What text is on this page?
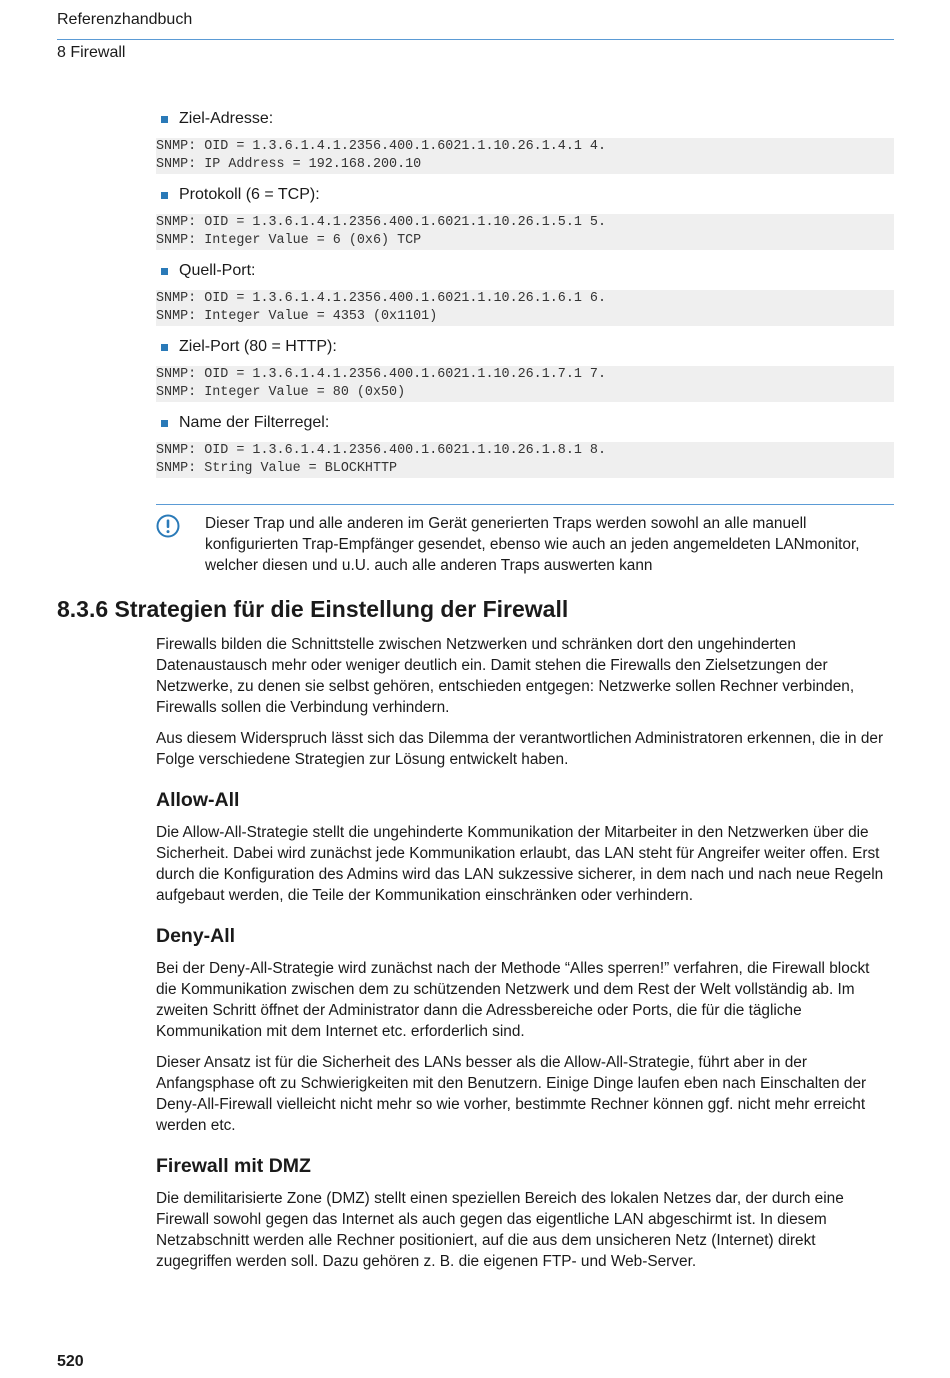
Referenzhandbuch
8 Firewall
Ziel-Adresse:
SNMP: OID = 1.3.6.1.4.1.2356.400.1.6021.1.10.26.1.4.1 4.
SNMP: IP Address = 192.168.200.10
Protokoll (6 = TCP):
SNMP: OID = 1.3.6.1.4.1.2356.400.1.6021.1.10.26.1.5.1 5.
SNMP: Integer Value = 6 (0x6) TCP
Quell-Port:
SNMP: OID = 1.3.6.1.4.1.2356.400.1.6021.1.10.26.1.6.1 6.
SNMP: Integer Value = 4353 (0x1101)
Ziel-Port (80 = HTTP):
SNMP: OID = 1.3.6.1.4.1.2356.400.1.6021.1.10.26.1.7.1 7.
SNMP: Integer Value = 80 (0x50)
Name der Filterregel:
SNMP: OID = 1.3.6.1.4.1.2356.400.1.6021.1.10.26.1.8.1 8.
SNMP: String Value = BLOCKHTTP
Dieser Trap und alle anderen im Gerät generierten Traps werden sowohl an alle manuell konfigurierten Trap-Empfänger gesendet, ebenso wie auch an jeden angemeldeten LANmonitor, welcher diesen und u.U. auch alle anderen Traps auswerten kann
8.3.6 Strategien für die Einstellung der Firewall

Firewalls bilden die Schnittstelle zwischen Netzwerken und schränken dort den ungehinderten Datenaustausch mehr oder weniger deutlich ein. Damit stehen die Firewalls den Zielsetzungen der Netzwerke, zu denen sie selbst gehören, entschieden entgegen: Netzwerke sollen Rechner verbinden, Firewalls sollen die Verbindung verhindern.

Aus diesem Widerspruch lässt sich das Dilemma der verantwortlichen Administratoren erkennen, die in der Folge verschiedene Strategien zur Lösung entwickelt haben.

Allow-All

Die Allow-All-Strategie stellt die ungehinderte Kommunikation der Mitarbeiter in den Netzwerken über die Sicherheit. Dabei wird zunächst jede Kommunikation erlaubt, das LAN steht für Angreifer weiter offen. Erst durch die Konfiguration des Admins wird das LAN sukzessive sicherer, in dem nach und nach neue Regeln aufgebaut werden, die Teile der Kommunikation einschränken oder verhindern.

Deny-All

Bei der Deny-All-Strategie wird zunächst nach der Methode “Alles sperren!” verfahren, die Firewall blockt die Kommunikation zwischen dem zu schützenden Netzwerk und dem Rest der Welt vollständig ab. Im zweiten Schritt öffnet der Administrator dann die Adressbereiche oder Ports, die für die tägliche Kommunikation mit dem Internet etc. erforderlich sind.

Dieser Ansatz ist für die Sicherheit des LANs besser als die Allow-All-Strategie, führt aber in der Anfangsphase oft zu Schwierigkeiten mit den Benutzern. Einige Dinge laufen eben nach Einschalten der Deny-All-Firewall vielleicht nicht mehr so wie vorher, bestimmte Rechner können ggf. nicht mehr erreicht werden etc.

Firewall mit DMZ

Die demilitarisierte Zone (DMZ) stellt einen speziellen Bereich des lokalen Netzes dar, der durch eine Firewall sowohl gegen das Internet als auch gegen das eigentliche LAN abgeschirmt ist. In diesem Netzabschnitt werden alle Rechner positioniert, auf die aus dem unsicheren Netz (Internet) direkt zugegriffen werden soll. Dazu gehören z. B. die eigenen FTP- und Web-Server.

520
